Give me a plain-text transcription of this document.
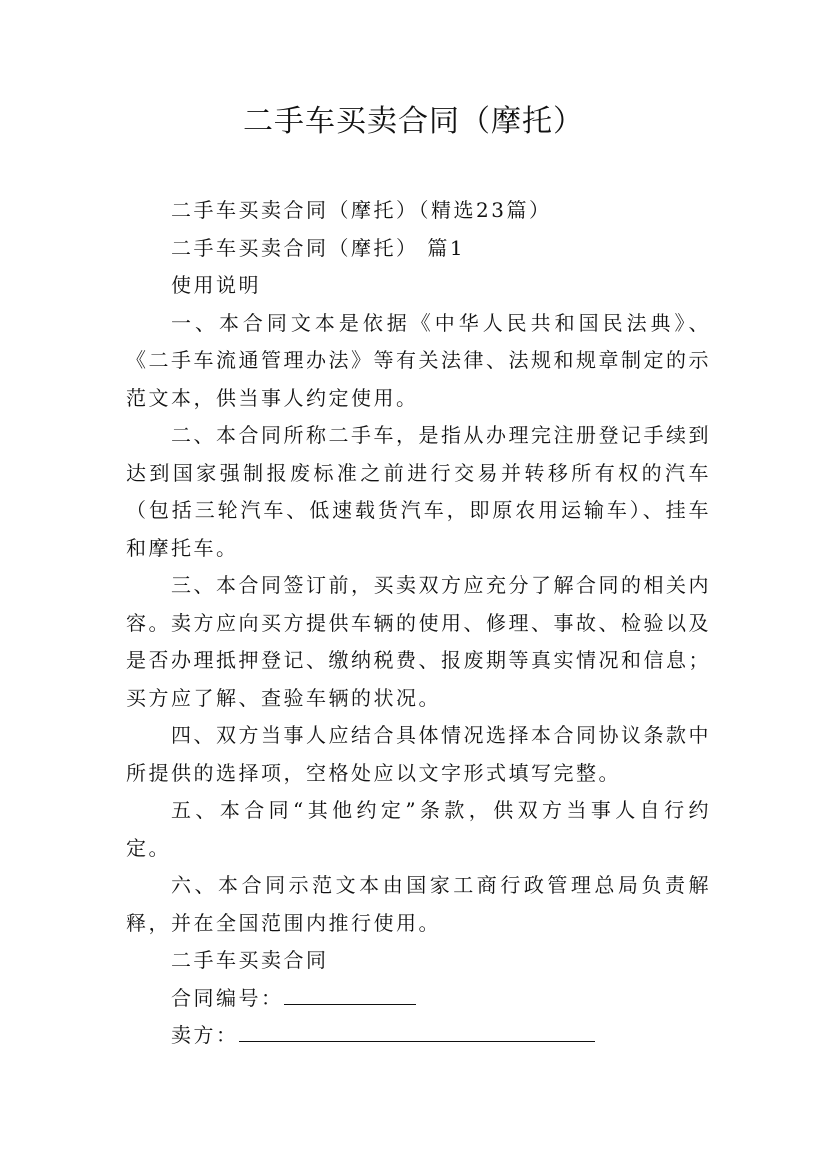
二手车买卖合同（摩托）

二手车买卖合同（摩托）（精选23篇）

二手车买卖合同（摩托） 篇1

使用说明

一、本合同文本是依据《中华人民共和国民法典》、《二手车流通管理办法》等有关法律、法规和规章制定的示范文本，供当事人约定使用。

二、本合同所称二手车，是指从办理完注册登记手续到达到国家强制报废标准之前进行交易并转移所有权的汽车（包括三轮汽车、低速载货汽车，即原农用运输车）、挂车和摩托车。

三、本合同签订前，买卖双方应充分了解合同的相关内容。卖方应向买方提供车辆的使用、修理、事故、检验以及是否办理抵押登记、缴纳税费、报废期等真实情况和信息；买方应了解、查验车辆的状况。

四、双方当事人应结合具体情况选择本合同协议条款中所提供的选择项，空格处应以文字形式填写完整。

五、本合同“其他约定”条款，供双方当事人自行约定。

六、本合同示范文本由国家工商行政管理总局负责解释，并在全国范围内推行使用。

二手车买卖合同

合同编号：

卖方：
